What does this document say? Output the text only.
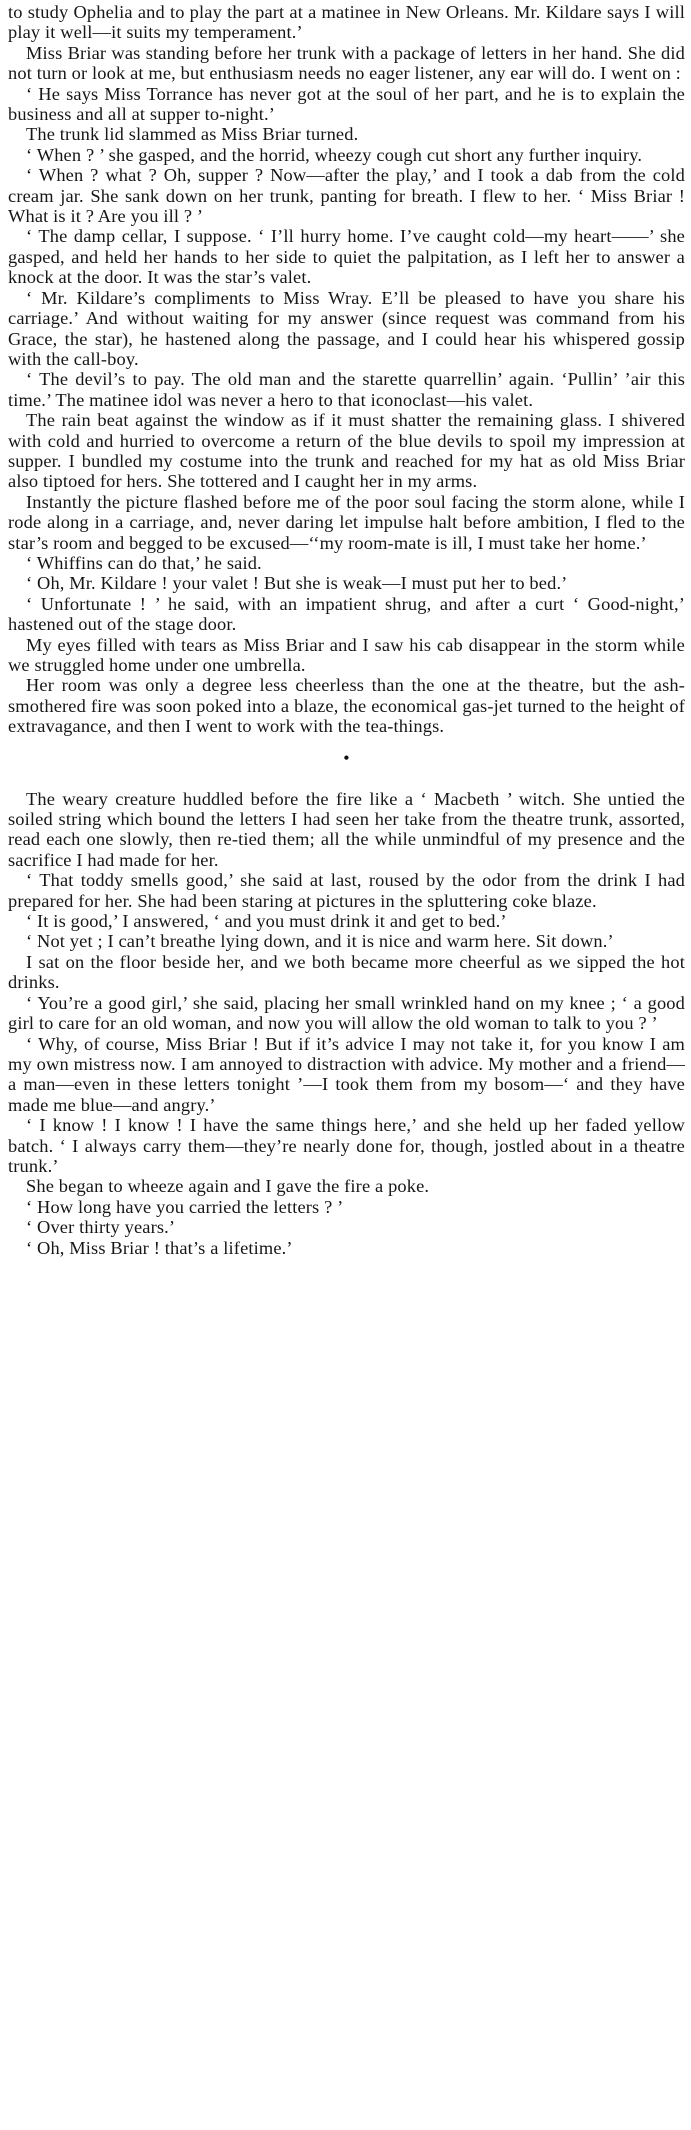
to study Ophelia and to play the part at a matinee in New Orleans. Mr. Kildare says I will play it well—it suits my temperament.’

Miss Briar was standing before her trunk with a package of letters in her hand. She did not turn or look at me, but enthusiasm needs no eager listener, any ear will do. I went on :

‘ He says Miss Torrance has never got at the soul of her part, and he is to explain the business and all at supper to-night.’

The trunk lid slammed as Miss Briar turned.

‘ When ? ’ she gasped, and the horrid, wheezy cough cut short any further inquiry.

‘ When ? what ? Oh, supper ? Now—after the play,’ and I took a dab from the cold cream jar. She sank down on her trunk, panting for breath. I flew to her. ‘ Miss Briar ! What is it ? Are you ill ? ’

‘ The damp cellar, I suppose. ‘ I’ll hurry home. I’ve caught cold—my heart——’ she gasped, and held her hands to her side to quiet the palpitation, as I left her to answer a knock at the door. It was the star’s valet.

‘ Mr. Kildare’s compliments to Miss Wray. E’ll be pleased to have you share his carriage.’ And without waiting for my answer (since request was command from his Grace, the star), he hastened along the passage, and I could hear his whispered gossip with the call-boy.

‘ The devil’s to pay. The old man and the starette quarrellin’ again. ‘Pullin’ ’air this time.’ The matinee idol was never a hero to that iconoclast—his valet.

The rain beat against the window as if it must shatter the remaining glass. I shivered with cold and hurried to overcome a return of the blue devils to spoil my impression at supper. I bundled my costume into the trunk and reached for my hat as old Miss Briar also tiptoed for hers. She tottered and I caught her in my arms.

Instantly the picture flashed before me of the poor soul facing the storm alone, while I rode along in a carriage, and, never daring let impulse halt before ambition, I fled to the star’s room and begged to be excused—‘‘my room-mate is ill, I must take her home.’

‘ Whiffins can do that,’ he said.

‘ Oh, Mr. Kildare ! your valet ! But she is weak—I must put her to bed.’

‘ Unfortunate ! ’ he said, with an impatient shrug, and after a curt ‘ Good-night,’ hastened out of the stage door.

My eyes filled with tears as Miss Briar and I saw his cab disappear in the storm while we struggled home under one umbrella.

Her room was only a degree less cheerless than the one at the theatre, but the ash-smothered fire was soon poked into a blaze, the economical gas-jet turned to the height of extravagance, and then I went to work with the tea-things.

•

The weary creature huddled before the fire like a ‘ Macbeth ’ witch. She untied the soiled string which bound the letters I had seen her take from the theatre trunk, assorted, read each one slowly, then re-tied them; all the while unmindful of my presence and the sacrifice I had made for her.

‘ That toddy smells good,’ she said at last, roused by the odor from the drink I had prepared for her. She had been staring at pictures in the spluttering coke blaze.

‘ It is good,’ I answered, ‘ and you must drink it and get to bed.’

‘ Not yet ; I can’t breathe lying down, and it is nice and warm here. Sit down.’

I sat on the floor beside her, and we both became more cheerful as we sipped the hot drinks.

‘ You’re a good girl,’ she said, placing her small wrinkled hand on my knee ; ‘ a good girl to care for an old woman, and now you will allow the old woman to talk to you ? ’

‘ Why, of course, Miss Briar ! But if it’s advice I may not take it, for you know I am my own mistress now. I am annoyed to distraction with advice. My mother and a friend—a man—even in these letters tonight ’—I took them from my bosom—‘ and they have made me blue—and angry.’

‘ I know ! I know ! I have the same things here,’ and she held up her faded yellow batch. ‘ I always carry them—they’re nearly done for, though, jostled about in a theatre trunk.’

She began to wheeze again and I gave the fire a poke.

‘ How long have you carried the letters ? ’

‘ Over thirty years.’

‘ Oh, Miss Briar ! that’s a lifetime.’
